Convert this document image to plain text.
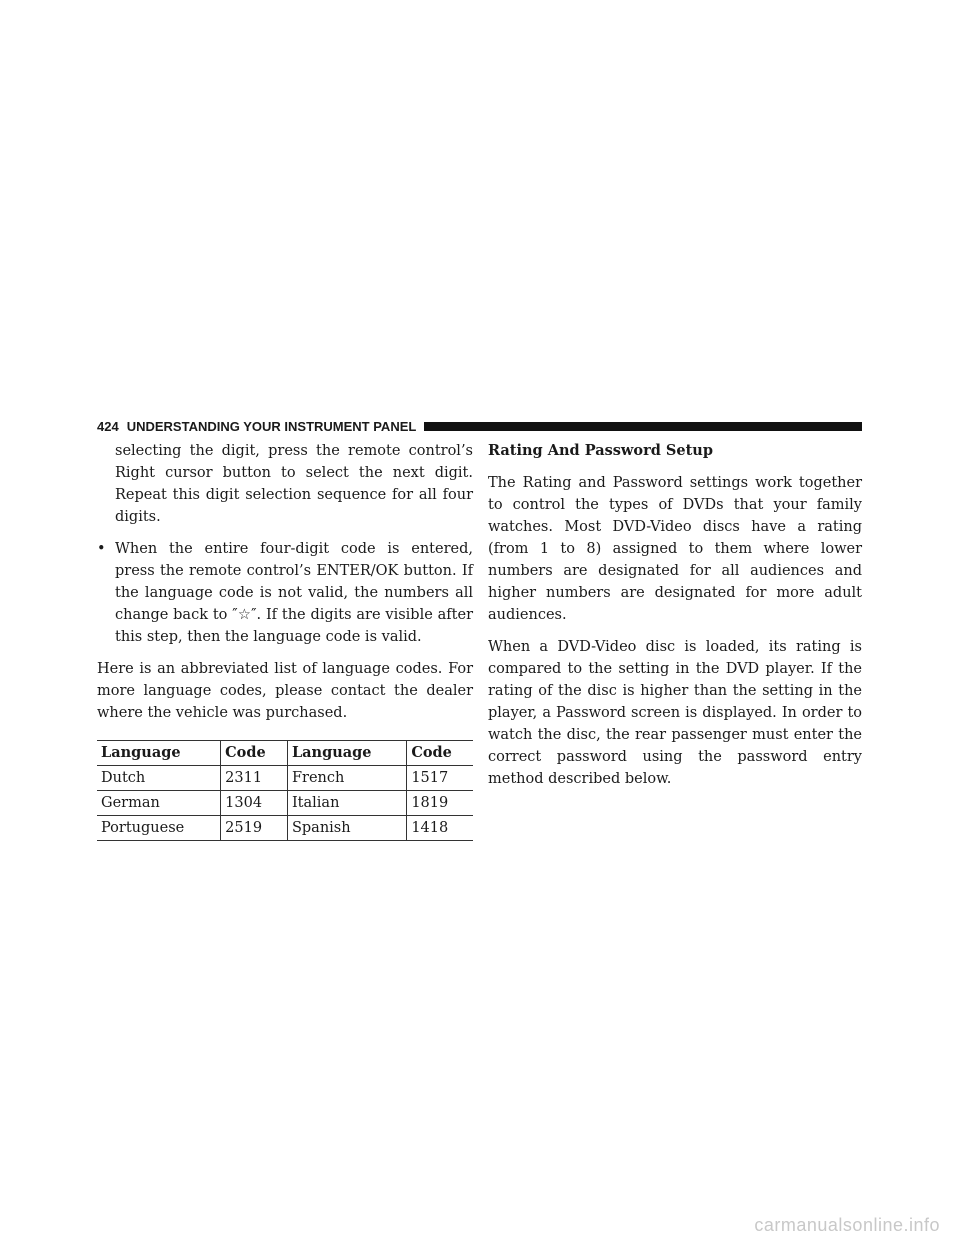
424 UNDERSTANDING YOUR INSTRUMENT PANEL

selecting the digit, press the remote control’s Right cursor button to select the next digit. Repeat this digit selection sequence for all four digits.

• When the entire four-digit code is entered, press the remote control’s ENTER/OK button. If the language code is not valid, the numbers all change back to ″☆″. If the digits are visible after this step, then the language code is valid.

Here is an abbreviated list of language codes. For more language codes, please contact the dealer where the vehicle was purchased.

Language	Code	Language	Code
Dutch	2311	French	1517
German	1304	Italian	1819
Portuguese	2519	Spanish	1418

Rating And Password Setup

The Rating and Password settings work together to control the types of DVDs that your family watches. Most DVD-Video discs have a rating (from 1 to 8) assigned to them where lower numbers are designated for all audiences and higher numbers are designated for more adult audiences.

When a DVD-Video disc is loaded, its rating is compared to the setting in the DVD player. If the rating of the disc is higher than the setting in the player, a Password screen is displayed. In order to watch the disc, the rear passenger must enter the correct password using the password entry method described below.

carmanualsonline.info
